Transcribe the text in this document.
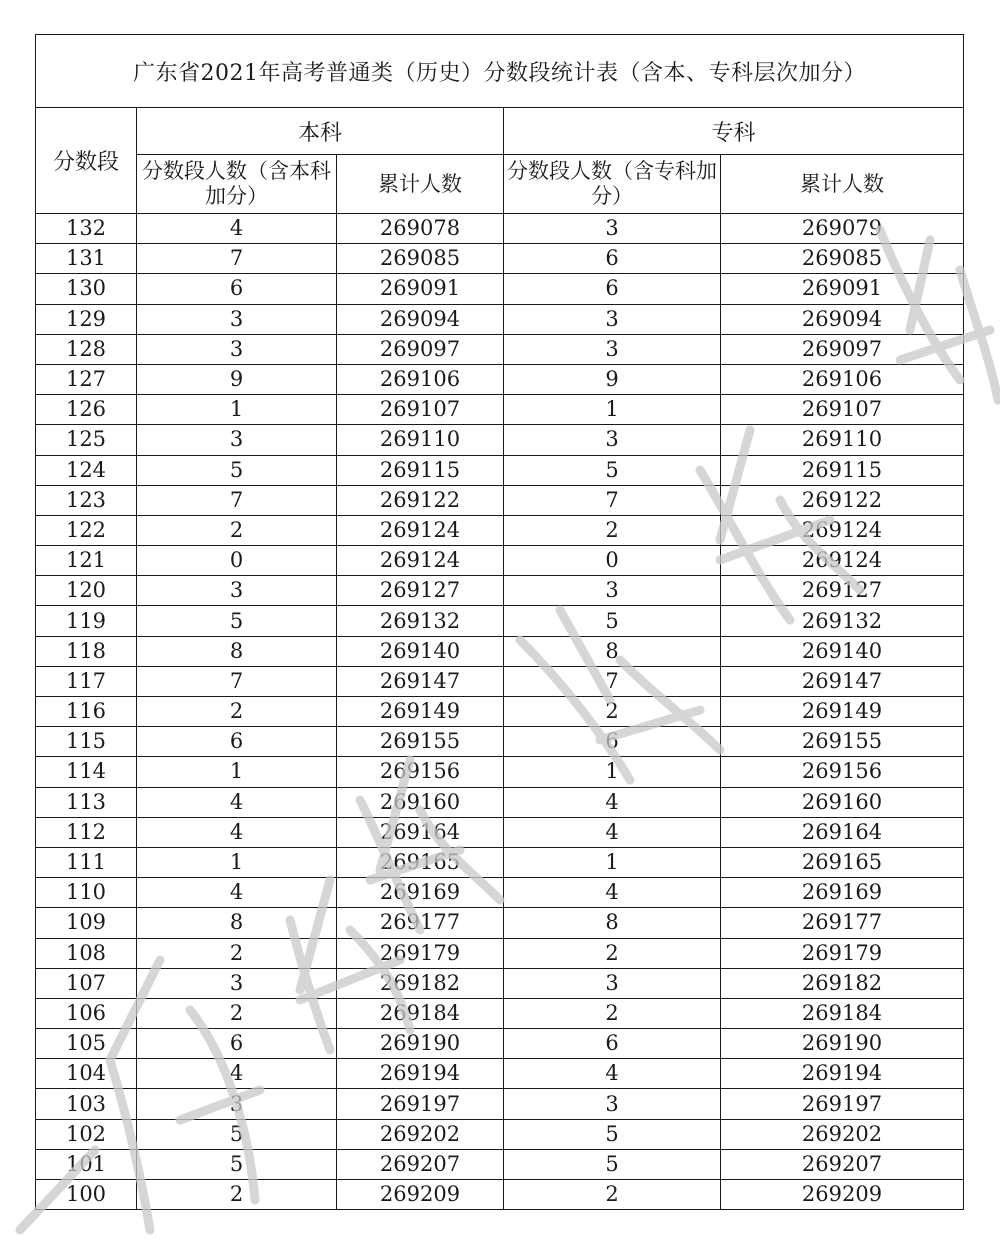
广东省2021年高考普通类（历史）分数段统计表（含本、专科层次加分）				
分数段	本科		专科	
	分数段人数（含本科加分）	累计人数	分数段人数（含专科加分）	累计人数
132	4	269078	3	269079
131	7	269085	6	269085
130	6	269091	6	269091
129	3	269094	3	269094
128	3	269097	3	269097
127	9	269106	9	269106
126	1	269107	1	269107
125	3	269110	3	269110
124	5	269115	5	269115
123	7	269122	7	269122
122	2	269124	2	269124
121	0	269124	0	269124
120	3	269127	3	269127
119	5	269132	5	269132
118	8	269140	8	269140
117	7	269147	7	269147
116	2	269149	2	269149
115	6	269155	6	269155
114	1	269156	1	269156
113	4	269160	4	269160
112	4	269164	4	269164
111	1	269165	1	269165
110	4	269169	4	269169
109	8	269177	8	269177
108	2	269179	2	269179
107	3	269182	3	269182
106	2	269184	2	269184
105	6	269190	6	269190
104	4	269194	4	269194
103	3	269197	3	269197
102	5	269202	5	269202
101	5	269207	5	269207
100	2	269209	2	269209
